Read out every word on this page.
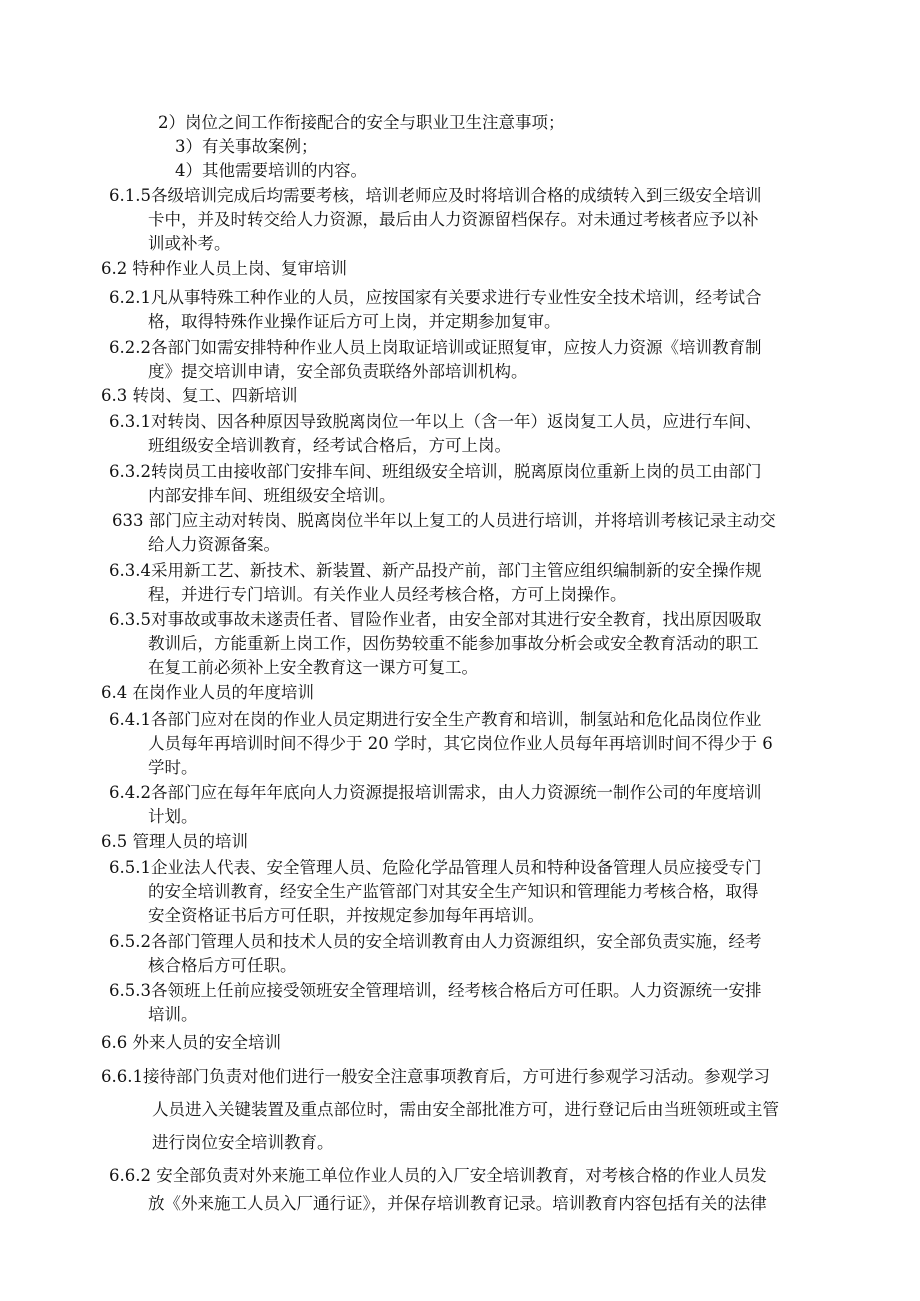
2）岗位之间工作衔接配合的安全与职业卫生注意事项；
3）有关事故案例；
4）其他需要培训的内容。
6.1.5各级培训完成后均需要考核，培训老师应及时将培训合格的成绩转入到三级安全培训
卡中，并及时转交给人力资源，最后由人力资源留档保存。对未通过考核者应予以补
训或补考。
6.2 特种作业人员上岗、复审培训
6.2.1凡从事特殊工种作业的人员，应按国家有关要求进行专业性安全技术培训，经考试合
格，取得特殊作业操作证后方可上岗，并定期参加复审。
6.2.2各部门如需安排特种作业人员上岗取证培训或证照复审，应按人力资源《培训教育制
度》提交培训申请，安全部负责联络外部培训机构。
6.3 转岗、复工、四新培训
6.3.1对转岗、因各种原因导致脱离岗位一年以上（含一年）返岗复工人员，应进行车间、
班组级安全培训教育，经考试合格后，方可上岗。
6.3.2转岗员工由接收部门安排车间、班组级安全培训，脱离原岗位重新上岗的员工由部门
内部安排车间、班组级安全培训。
633 部门应主动对转岗、脱离岗位半年以上复工的人员进行培训，并将培训考核记录主动交
给人力资源备案。
6.3.4采用新工艺、新技术、新装置、新产品投产前，部门主管应组织编制新的安全操作规
程，并进行专门培训。有关作业人员经考核合格，方可上岗操作。
6.3.5对事故或事故未遂责任者、冒险作业者，由安全部对其进行安全教育，找出原因吸取
教训后，方能重新上岗工作，因伤势较重不能参加事故分析会或安全教育活动的职工
在复工前必须补上安全教育这一课方可复工。
6.4 在岗作业人员的年度培训
6.4.1各部门应对在岗的作业人员定期进行安全生产教育和培训，制氢站和危化品岗位作业
人员每年再培训时间不得少于 20 学时，其它岗位作业人员每年再培训时间不得少于 6
学时。
6.4.2各部门应在每年年底向人力资源提报培训需求，由人力资源统一制作公司的年度培训
计划。
6.5 管理人员的培训
6.5.1企业法人代表、安全管理人员、危险化学品管理人员和特种设备管理人员应接受专门
的安全培训教育，经安全生产监管部门对其安全生产知识和管理能力考核合格，取得
安全资格证书后方可任职，并按规定参加每年再培训。
6.5.2各部门管理人员和技术人员的安全培训教育由人力资源组织，安全部负责实施，经考
核合格后方可任职。
6.5.3各领班上任前应接受领班安全管理培训，经考核合格后方可任职。人力资源统一安排
培训。
6.6 外来人员的安全培训
6.6.1接待部门负责对他们进行一般安全注意事项教育后，方可进行参观学习活动。参观学习
人员进入关键装置及重点部位时，需由安全部批准方可，进行登记后由当班领班或主管
进行岗位安全培训教育。
6.6.2 安全部负责对外来施工单位作业人员的入厂安全培训教育，对考核合格的作业人员发
放《外来施工人员入厂通行证》，并保存培训教育记录。培训教育内容包括有关的法律
